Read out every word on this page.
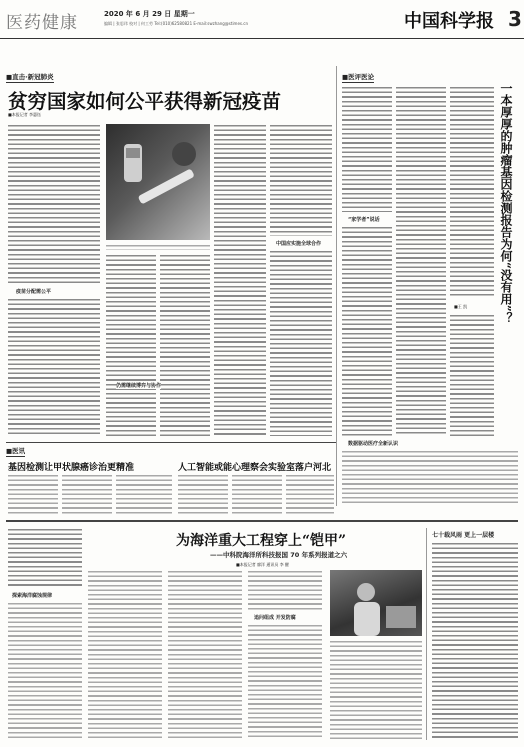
医药健康	2020 年 6 月 29 日 星期一
编辑 | 张思玮 校对 | 何工劳 Tel:(010)62580821 E-mail:swzhang@stimes.cn	中国科学报 3
■直击·新冠肺炎
贫穷国家如何公平获得新冠疫苗
■本报记者 李惠钰
疫苗分配需公平
仍需继续博弈与协作
中国应实施全球合作
■医评医论
“家学者”说话	一本厚厚的肿瘤基因检测报告为何“没有用”？
■王 凯
数据驱动医疗全新认识
■医讯
基因检测让甲状腺癌诊治更精准	人工智能或能心理察会实验室落户河北
为海洋重大工程穿上“铠甲”
——中科院海洋所科技报国 70 年系列报道之六
■本报记者 廖洋 通讯员 李 醒
探索海洋腐蚀规律
追问组成 开发防腐
七十载风雨 更上一层楼
